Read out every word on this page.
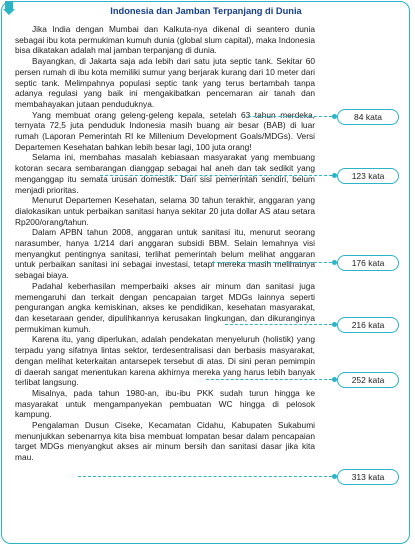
Indonesia dan Jamban Terpanjang di Dunia

Jika India dengan Mumbai dan Kalkuta-nya dikenal di seantero dunia sebagai ibu kota permukiman kumuh dunia (global slum capital), maka Indonesia bisa dikatakan adalah mal jamban terpanjang di dunia.

Bayangkan, di Jakarta saja ada lebih dari satu juta septic tank. Sekitar 60 persen rumah di ibu kota memiliki sumur yang berjarak kurang dari 10 meter dari septic tank. Melimpahnya populasi septic tank yang terus bertambah tanpa adanya regulasi yang baik ini mengakibatkan pencemaran air tanah dan membahayakan jutaan penduduknya.

Yang membuat orang geleng-geleng kepala, setelah 63 tahun merdeka, ternyata 72,5 juta penduduk Indonesia masih buang air besar (BAB) di luar rumah (Laporan Pemerintah RI ke Millenium Development Goals/MDGs). Versi Departemen Kesehatan bahkan lebih besar lagi, 100 juta orang!

Selama ini, membahas masalah kebiasaan masyarakat yang membuang kotoran secara sembarangan dianggap sebagai hal aneh dan tak sedikit yang menganggap itu semata urusan domestik. Dari sisi pemerintah sendiri, belum menjadi prioritas.

Menurut Departemen Kesehatan, selama 30 tahun terakhir, anggaran yang dialokasikan untuk perbaikan sanitasi hanya sekitar 20 juta dollar AS atau setara Rp200/orang/tahun.

Dalam APBN tahun 2008, anggaran untuk sanitasi itu, menurut seorang narasumber, hanya 1/214 dari anggaran subsidi BBM. Selain lemahnya visi menyangkut pentingnya sanitasi, terlihat pemerintah belum melihat anggaran untuk perbaikan sanitasi ini sebagai investasi, tetapi mereka masih melihatnya sebagai biaya.

Padahal keberhasilan memperbaiki akses air minum dan sanitasi juga memengaruhi dan terkait dengan pencapaian target MDGs lainnya seperti pengurangan angka kemiskinan, akses ke pendidikan, kesehatan masyarakat, dan kesetaraan gender, dipulihkannya kerusakan lingkungan, dan dikuranginya permukiman kumuh.

Karena itu, yang diperlukan, adalah pendekatan menyeluruh (holistik) yang terpadu yang sifatnya lintas sektor, terdesentralisasi dan berbasis masyarakat, dengan melihat keterkaitan antarsepek tersebut di atas. Di sini peran pemimpin di daerah sangat menentukan karena akhirnya mereka yang harus lebih banyak terlibat langsung.

Misalnya, pada tahun 1980-an, ibu-ibu PKK sudah turun hingga ke masyarakat untuk mengampanyekan pembuatan WC hingga di pelosok kampung.

Pengalaman Dusun Ciseke, Kecamatan Cidahu, Kabupaten Sukabumi menunjukkan sebenarnya kita bisa membuat lompatan besar dalam pencapaian target MDGs menyangkut akses air minum bersih dan sanitasi dasar jika kita mau.

84 kata
123 kata
176 kata
216 kata
252 kata
313 kata
